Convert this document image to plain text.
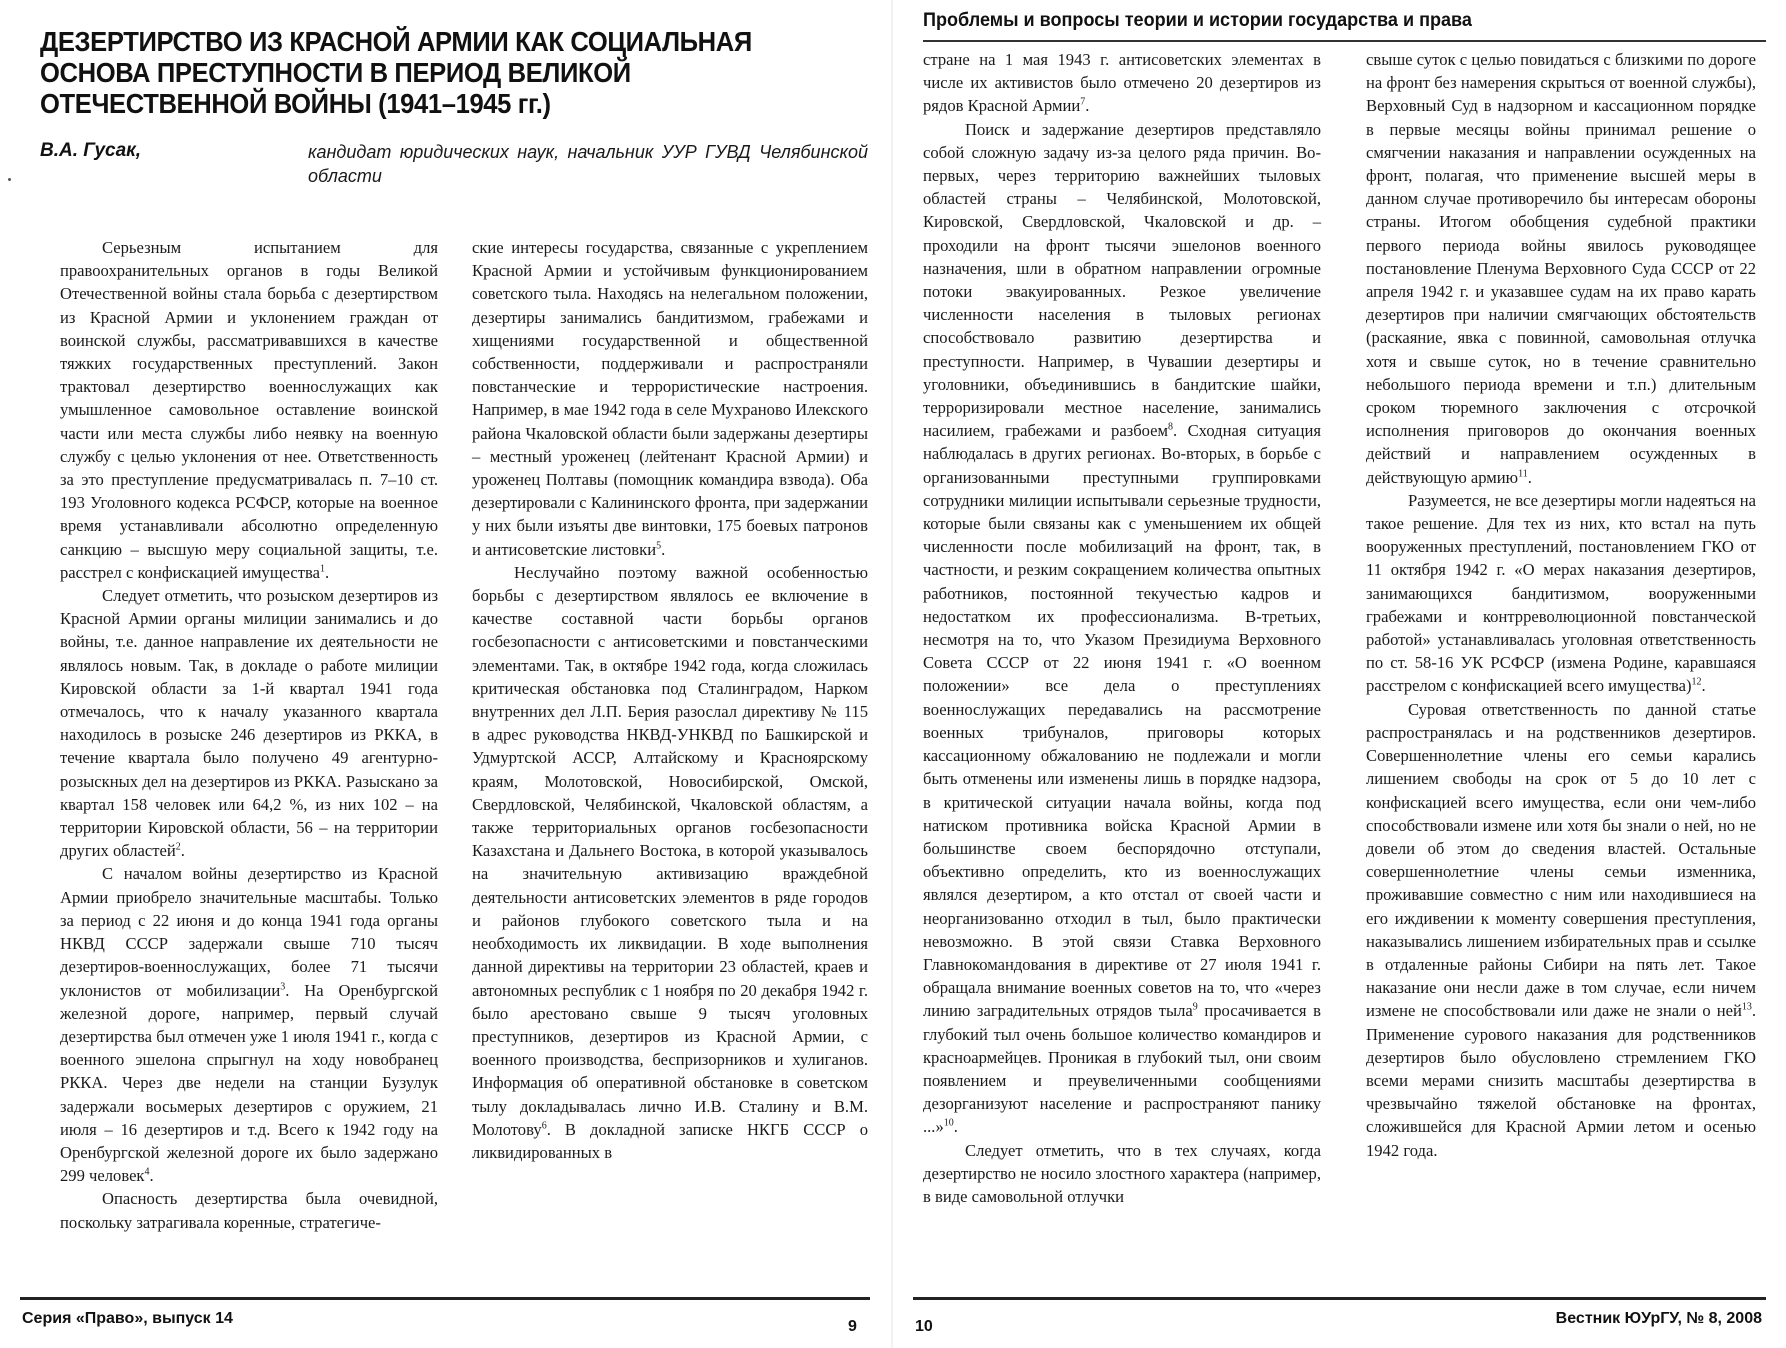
ДЕЗЕРТИРСТВО ИЗ КРАСНОЙ АРМИИ КАК СОЦИАЛЬНАЯ ОСНОВА ПРЕСТУПНОСТИ В ПЕРИОД ВЕЛИКОЙ ОТЕЧЕСТВЕННОЙ ВОЙНЫ (1941–1945 гг.)
В.А. Гусак,	кандидат юридических наук, начальник УУР ГУВД Челябинской области

Серьезным испытанием для правоохранительных органов в годы Великой Отечественной войны стала борьба с дезертирством из Красной Армии и уклонением граждан от воинской службы, рассматривавшихся в качестве тяжких государственных преступлений. Закон трактовал дезертирство военнослужащих как умышленное самовольное оставление воинской части или места службы либо неявку на военную службу с целью уклонения от нее. Ответственность за это преступление предусматривалась п. 7–10 ст. 193 Уголовного кодекса РСФСР, которые на военное время устанавливали абсолютно определенную санкцию – высшую меру социальной защиты, т.е. расстрел с конфискацией имущества$^1$.

Следует отметить, что розыском дезертиров из Красной Армии органы милиции занимались и до войны, т.е. данное направление их деятельности не являлось новым. Так, в докладе о работе милиции Кировской области за 1-й квартал 1941 года отмечалось, что к началу указанного квартала находилось в розыске 246 дезертиров из РККА, в течение квартала было получено 49 агентурно-розыскных дел на дезертиров из РККА. Разыскано за квартал 158 человек или 64,2 %, из них 102 – на территории Кировской области, 56 – на территории других областей$^2$.

С началом войны дезертирство из Красной Армии приобрело значительные масштабы. Только за период с 22 июня и до конца 1941 года органы НКВД СССР задержали свыше 710 тысяч дезертиров-военнослужащих, более 71 тысячи уклонистов от мобилизации$^3$. На Оренбургской железной дороге, например, первый случай дезертирства был отмечен уже 1 июля 1941 г., когда с военного эшелона спрыгнул на ходу новобранец РККА. Через две недели на станции Бузулук задержали восьмерых дезертиров с оружием, 21 июля – 16 дезертиров и т.д. Всего к 1942 году на Оренбургской железной дороге их было задержано 299 человек$^4$.

Опасность дезертирства была очевидной, поскольку затрагивала коренные, стратегиче-

ские интересы государства, связанные с укреплением Красной Армии и устойчивым функционированием советского тыла. Находясь на нелегальном положении, дезертиры занимались бандитизмом, грабежами и хищениями государственной и общественной собственности, поддерживали и распространяли повстанческие и террористические настроения. Например, в мае 1942 года в селе Мухраново Илекского района Чкаловской области были задержаны дезертиры – местный уроженец (лейтенант Красной Армии) и уроженец Полтавы (помощник командира взвода). Оба дезертировали с Калининского фронта, при задержании у них были изъяты две винтовки, 175 боевых патронов и антисоветские листовки$^5$.

Неслучайно поэтому важной особенностью борьбы с дезертирством являлось ее включение в качестве составной части борьбы органов госбезопасности с антисоветскими и повстанческими элементами. Так, в октябре 1942 года, когда сложилась критическая обстановка под Сталинградом, Нарком внутренних дел Л.П. Берия разослал директиву № 115 в адрес руководства НКВД-УНКВД по Башкирской и Удмуртской АССР, Алтайскому и Красноярскому краям, Молотовской, Новосибирской, Омской, Свердловской, Челябинской, Чкаловской областям, а также территориальных органов госбезопасности Казахстана и Дальнего Востока, в которой указывалось на значительную активизацию враждебной деятельности антисоветских элементов в ряде городов и районов глубокого советского тыла и на необходимость их ликвидации. В ходе выполнения данной директивы на территории 23 областей, краев и автономных республик с 1 ноября по 20 декабря 1942 г. было арестовано свыше 9 тысяч уголовных преступников, дезертиров из Красной Армии, с военного производства, беспризорников и хулиганов. Информация об оперативной обстановке в советском тылу докладывалась лично И.В. Сталину и В.М. Молотову$^6$. В докладной записке НКГБ СССР о ликвидированных в

Серия «Право», выпуск 14	9
Проблемы и вопросы теории и истории государства и права

стране на 1 мая 1943 г. антисоветских элементах в числе их активистов было отмечено 20 дезертиров из рядов Красной Армии$^7$.

Поиск и задержание дезертиров представляло собой сложную задачу из-за целого ряда причин. Во-первых, через территорию важнейших тыловых областей страны – Челябинской, Молотовской, Кировской, Свердловской, Чкаловской и др. – проходили на фронт тысячи эшелонов военного назначения, шли в обратном направлении огромные потоки эвакуированных. Резкое увеличение численности населения в тыловых регионах способствовало развитию дезертирства и преступности. Например, в Чувашии дезертиры и уголовники, объединившись в бандитские шайки, терроризировали местное население, занимались насилием, грабежами и разбоем$^8$. Сходная ситуация наблюдалась в других регионах. Во-вторых, в борьбе с организованными преступными группировками сотрудники милиции испытывали серьезные трудности, которые были связаны как с уменьшением их общей численности после мобилизаций на фронт, так, в частности, и резким сокращением количества опытных работников, постоянной текучестью кадров и недостатком их профессионализма. В-третьих, несмотря на то, что Указом Президиума Верховного Совета СССР от 22 июня 1941 г. «О военном положении» все дела о преступлениях военнослужащих передавались на рассмотрение военных трибуналов, приговоры которых кассационному обжалованию не подлежали и могли быть отменены или изменены лишь в порядке надзора, в критической ситуации начала войны, когда под натиском противника войска Красной Армии в большинстве своем беспорядочно отступали, объективно определить, кто из военнослужащих являлся дезертиром, а кто отстал от своей части и неорганизованно отходил в тыл, было практически невозможно. В этой связи Ставка Верховного Главнокомандования в директиве от 27 июля 1941 г. обращала внимание военных советов на то, что «через линию заградительных отрядов тыла$^9$ просачивается в глубокий тыл очень большое количество командиров и красноармейцев. Проникая в глубокий тыл, они своим появлением и преувеличенными сообщениями дезорганизуют население и распространяют панику ...»$^{10}$.

Следует отметить, что в тех случаях, когда дезертирство не носило злостного характера (например, в виде самовольной отлучки

свыше суток с целью повидаться с близкими по дороге на фронт без намерения скрыться от военной службы), Верховный Суд в надзорном и кассационном порядке в первые месяцы войны принимал решение о смягчении наказания и направлении осужденных на фронт, полагая, что применение высшей меры в данном случае противоречило бы интересам обороны страны. Итогом обобщения судебной практики первого периода войны явилось руководящее постановление Пленума Верховного Суда СССР от 22 апреля 1942 г. и указавшее судам на их право карать дезертиров при наличии смягчающих обстоятельств (раскаяние, явка с повинной, самовольная отлучка хотя и свыше суток, но в течение сравнительно небольшого периода времени и т.п.) длительным сроком тюремного заключения с отсрочкой исполнения приговоров до окончания военных действий и направлением осужденных в действующую армию$^{11}$.

Разумеется, не все дезертиры могли надеяться на такое решение. Для тех из них, кто встал на путь вооруженных преступлений, постановлением ГКО от 11 октября 1942 г. «О мерах наказания дезертиров, занимающихся бандитизмом, вооруженными грабежами и контрреволюционной повстанческой работой» устанавливалась уголовная ответственность по ст. 58-16 УК РСФСР (измена Родине, каравшаяся расстрелом с конфискацией всего имущества)$^{12}$.

Суровая ответственность по данной статье распространялась и на родственников дезертиров. Совершеннолетние члены его семьи карались лишением свободы на срок от 5 до 10 лет с конфискацией всего имущества, если они чем-либо способствовали измене или хотя бы знали о ней, но не довели об этом до сведения властей. Остальные совершеннолетние члены семьи изменника, проживавшие совместно с ним или находившиеся на его иждивении к моменту совершения преступления, наказывались лишением избирательных прав и ссылке в отдаленные районы Сибири на пять лет. Такое наказание они несли даже в том случае, если ничем измене не способствовали или даже не знали о ней$^{13}$. Применение сурового наказания для родственников дезертиров было обусловлено стремлением ГКО всеми мерами снизить масштабы дезертирства в чрезвычайно тяжелой обстановке на фронтах, сложившейся для Красной Армии летом и осенью 1942 года.

10	Вестник ЮУрГУ, № 8, 2008
